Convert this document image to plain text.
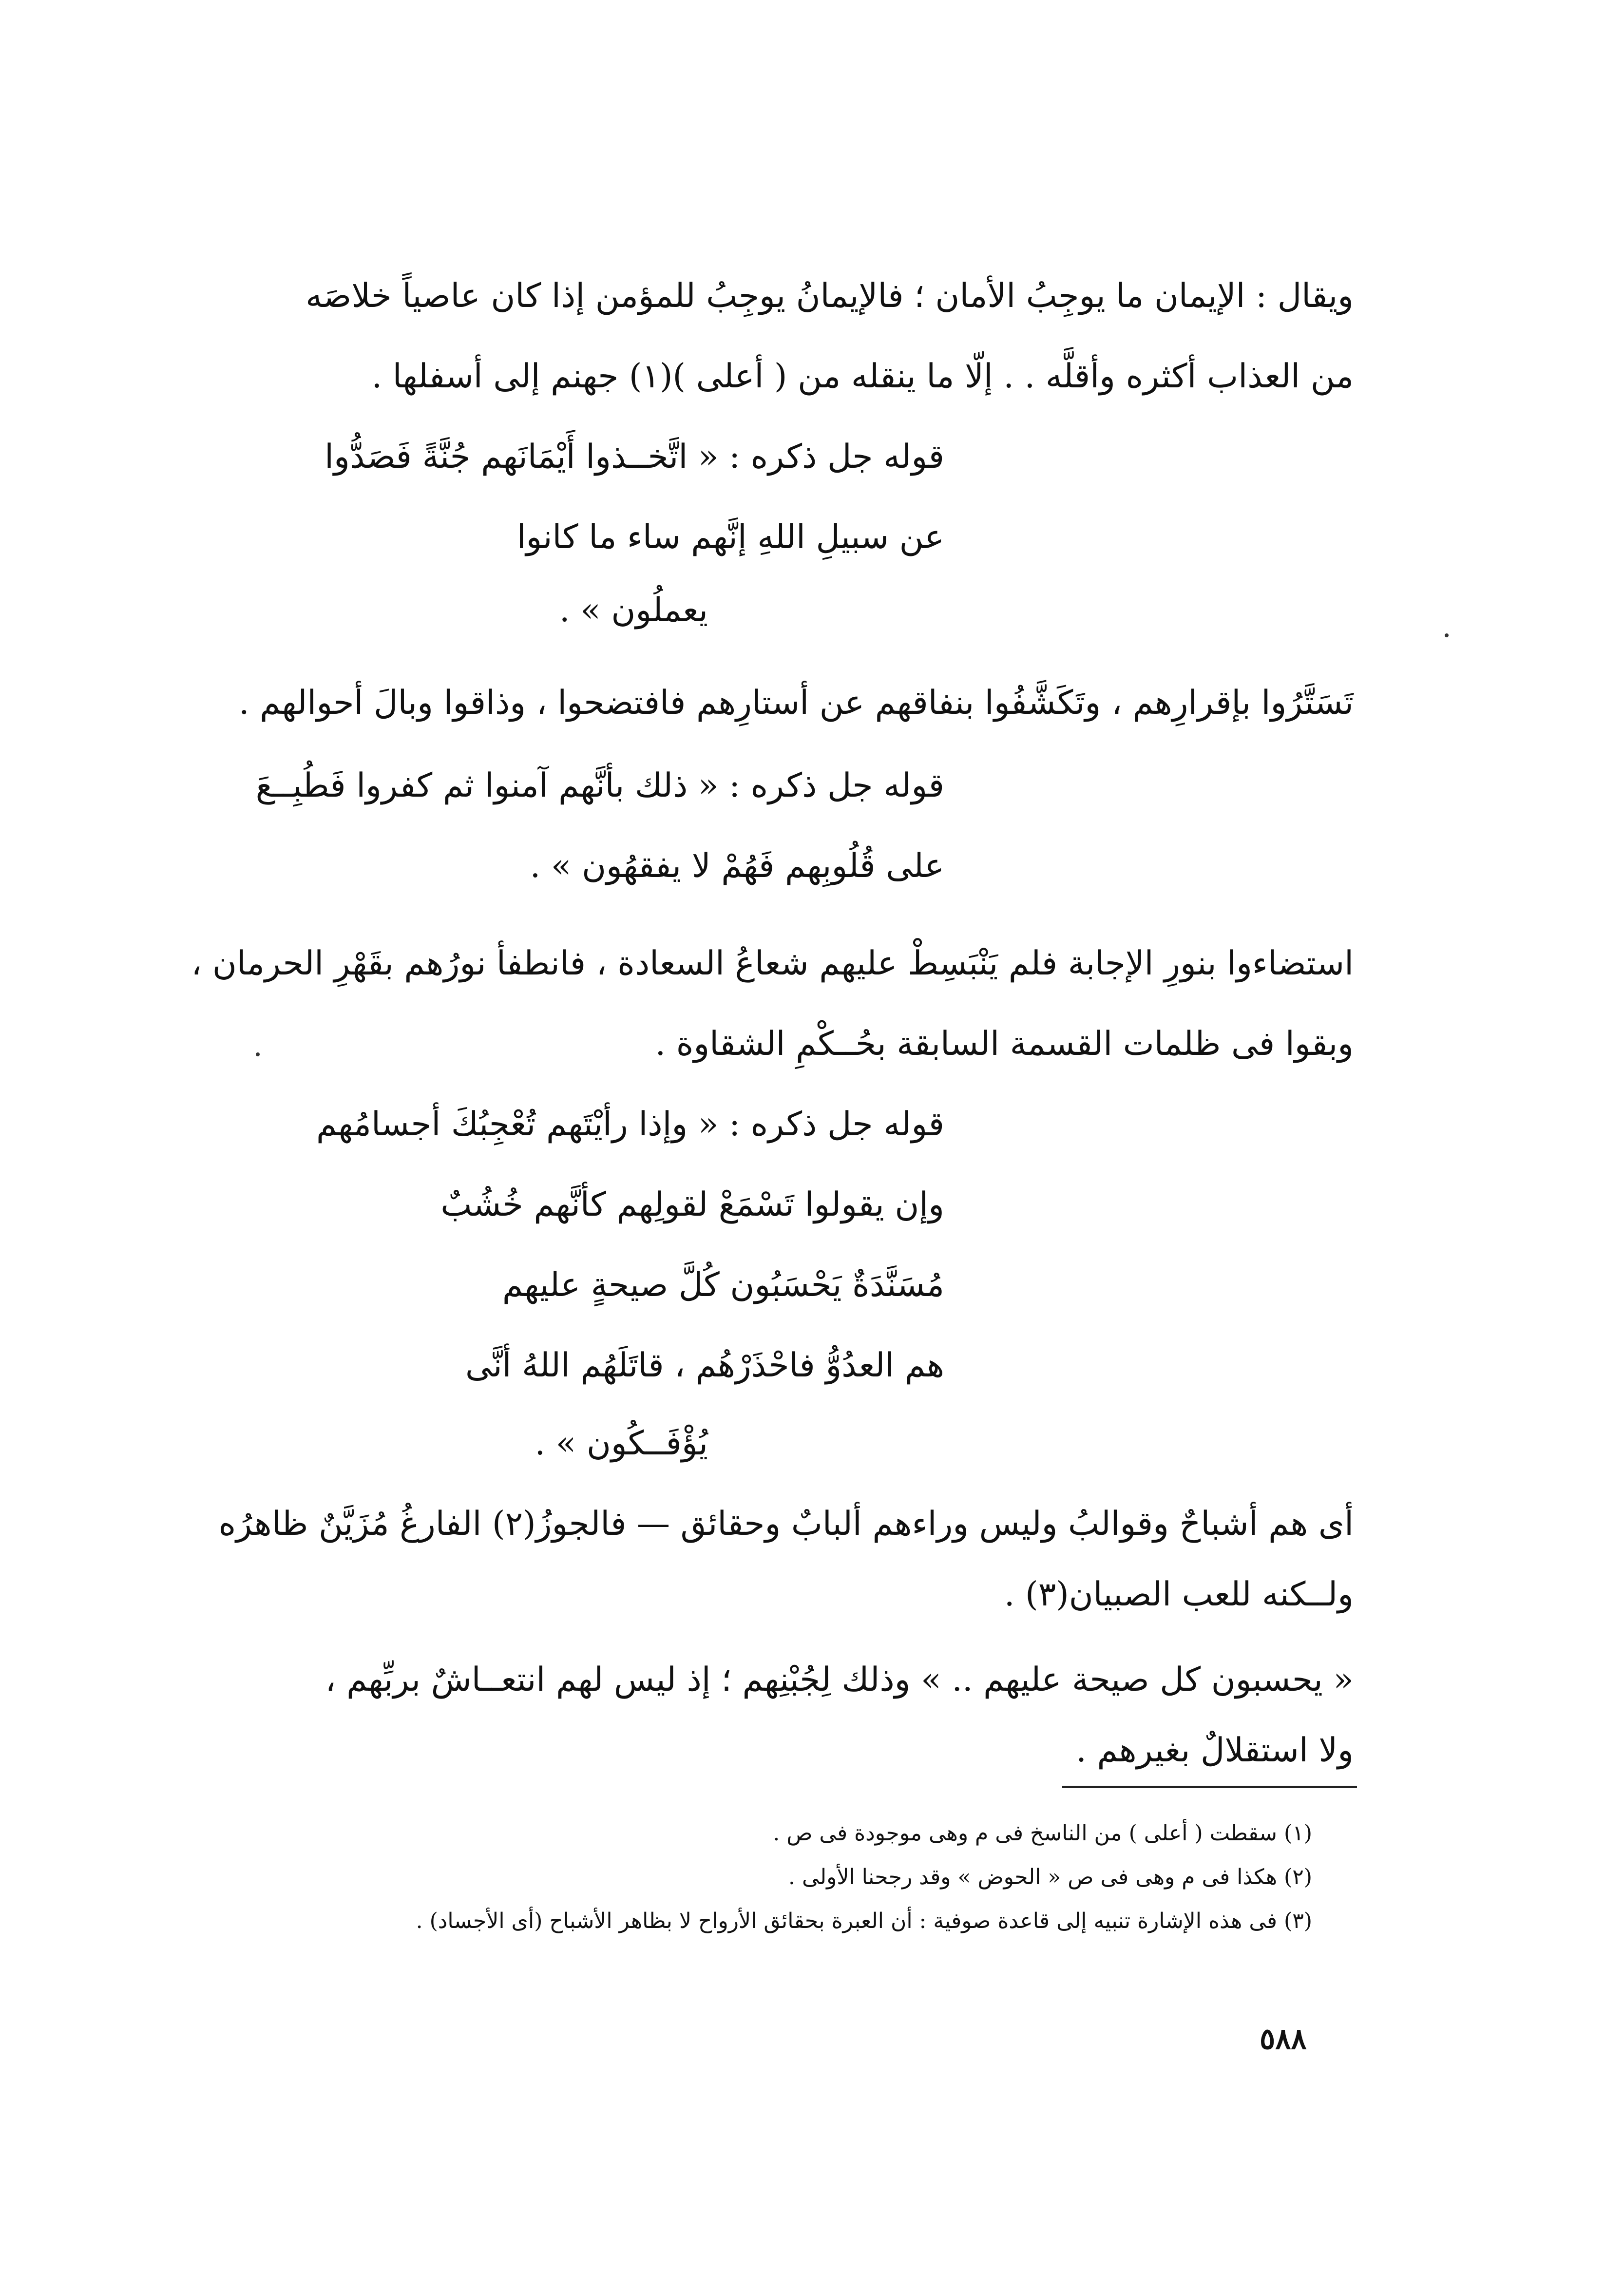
ويقال : الإيمان ما يوجِبُ الأمان ؛ فالإيمانُ يوجِبُ للمؤمن إذا كان عاصياً خلاصَه
من العذاب أكثره وأقلَّه . . إلّا ما ينقله من ( أعلى )(١) جهنم إلى أسفلها .
قوله جل ذكره : « اتَّخــذوا أَيْمَانَهم جُنَّةً فَصَدُّوا
عن سبيلِ اللهِ إنَّهم ساء ما كانوا
يعملُون » .
تَسَتَّرُوا بإقرارِهم ، وتَكَشَّفُوا بنفاقهم عن أستارِهم فافتضحوا ، وذاقوا وبالَ أحوالهم .
قوله جل ذكره : « ذلك بأنَّهم آمنوا ثم كفروا فَطُبِــعَ
على قُلُوبِهم فَهُمْ لا يفقهُون » .
استضاءوا بنورِ الإجابة فلم يَنْبَسِطْ عليهم شعاعُ السعادة ، فانطفأ نورُهم بقَهْرِ الحرمان ،
وبقوا فى ظلمات القسمة السابقة بحُــكْمِ الشقاوة .
قوله جل ذكره : « وإذا رأيْتَهم تُعْجِبُكَ أجسامُهم
وإن يقولوا تَسْمَعْ لقولِهم كأنَّهم خُشُبٌ
مُسَنَّدَةٌ يَحْسَبُون كُلَّ صيحةٍ عليهم
هم العدُوُّ فاحْذَرْهُم ، قاتَلَهُم اللهُ أنَّى
يُؤْفَــكُون » .
أى هم أشباحٌ وقوالبُ وليس وراءهم ألبابٌ وحقائق — فالجوزُ(٢) الفارغُ مُزَيَّنٌ ظاهرُه
ولــكنه للعب الصبيان(٣) .
« يحسبون كل صيحة عليهم .. » وذلك لِجُبْنِهم ؛ إذ ليس لهم انتعــاشٌ بربِّهم ،
ولا استقلالٌ بغيرهم .
(١) سقطت ( أعلى ) من الناسخ فى م وهى موجودة فى ص .
(٢) هكذا فى م وهى فى ص « الحوض » وقد رجحنا الأولى .
(٣) فى هذه الإشارة تنبيه إلى قاعدة صوفية : أن العبرة بحقائق الأرواح لا بظاهر الأشباح (أى الأجساد) .
٥٨٨
